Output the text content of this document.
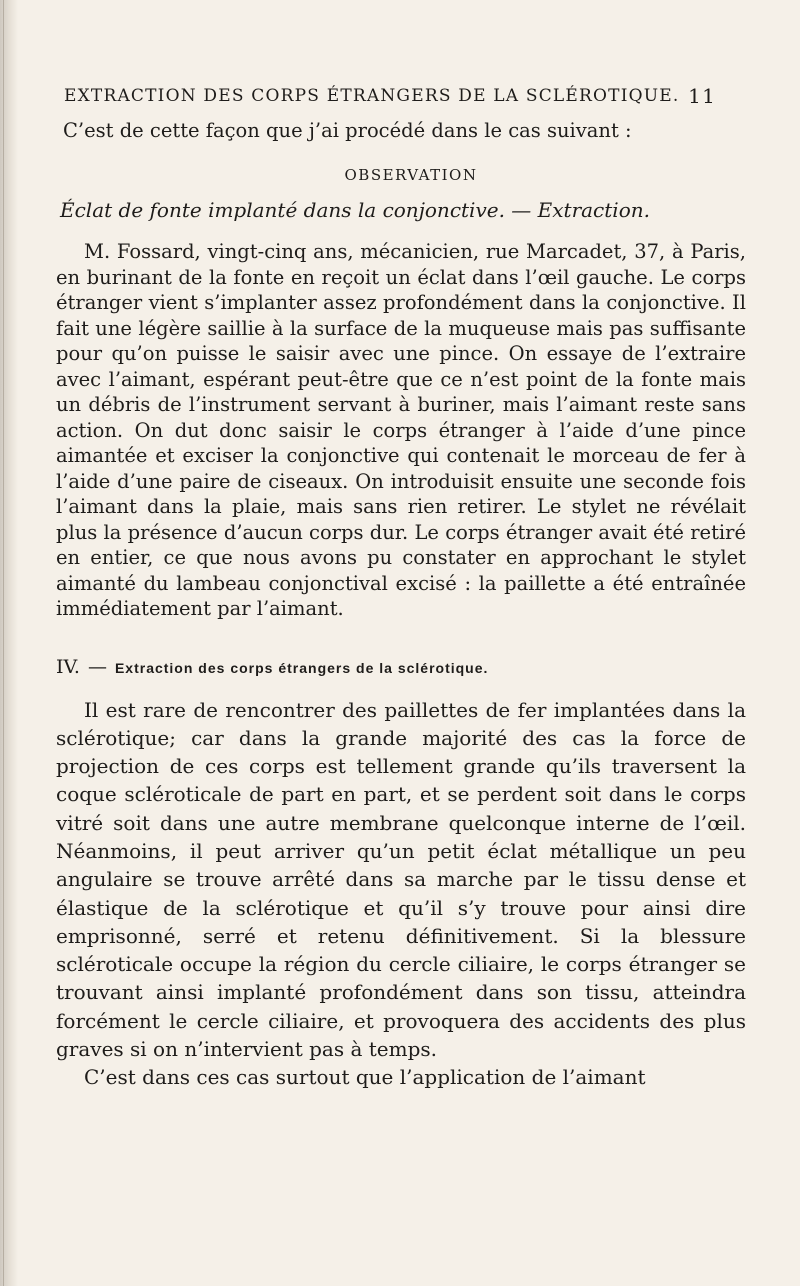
EXTRACTION DES CORPS ÉTRANGERS DE LA SCLÉROTIQUE. 11

C’est de cette façon que j’ai procédé dans le cas suivant :

OBSERVATION

Éclat de fonte implanté dans la conjonctive. — Extraction.

M. Fossard, vingt-cinq ans, mécanicien, rue Marcadet, 37, à Paris, en burinant de la fonte en reçoit un éclat dans l’œil gauche. Le corps étranger vient s’implanter assez profondément dans la conjonctive. Il fait une légère saillie à la surface de la muqueuse mais pas suffisante pour qu’on puisse le saisir avec une pince. On essaye de l’extraire avec l’aimant, espérant peut-être que ce n’est point de la fonte mais un débris de l’instrument servant à buriner, mais l’aimant reste sans action. On dut donc saisir le corps étranger à l’aide d’une pince aimantée et exciser la conjonctive qui contenait le morceau de fer à l’aide d’une paire de ciseaux. On introduisit ensuite une seconde fois l’aimant dans la plaie, mais sans rien retirer. Le stylet ne révélait plus la présence d’aucun corps dur. Le corps étranger avait été retiré en entier, ce que nous avons pu constater en approchant le stylet aimanté du lambeau conjonctival excisé : la paillette a été entraînée immédiatement par l’aimant.

IV. — Extraction des corps étrangers de la sclérotique.

Il est rare de rencontrer des paillettes de fer implantées dans la sclérotique; car dans la grande majorité des cas la force de projection de ces corps est tellement grande qu’ils traversent la coque scléroticale de part en part, et se perdent soit dans le corps vitré soit dans une autre membrane quelconque interne de l’œil. Néanmoins, il peut arriver qu’un petit éclat métallique un peu angulaire se trouve arrêté dans sa marche par le tissu dense et élastique de la sclérotique et qu’il s’y trouve pour ainsi dire emprisonné, serré et retenu définitivement. Si la blessure scléroticale occupe la région du cercle ciliaire, le corps étranger se trouvant ainsi implanté profondément dans son tissu, atteindra forcément le cercle ciliaire, et provoquera des accidents des plus graves si on n’intervient pas à temps.

C’est dans ces cas surtout que l’application de l’aimant
